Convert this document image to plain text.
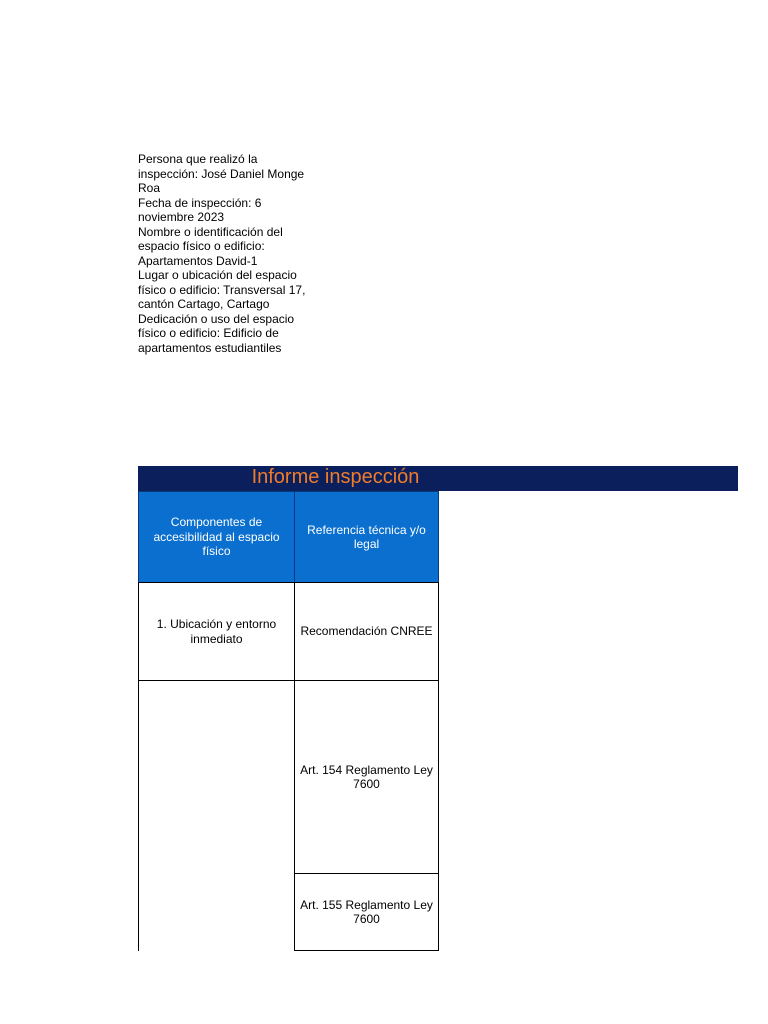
Persona que realizó la inspección: José Daniel Monge Roa
Fecha de inspección: 6 noviembre 2023
Nombre o identificación del espacio físico o edificio: Apartamentos David-1
Lugar o ubicación del espacio físico o edificio: Transversal 17, cantón Cartago, Cartago
Dedicación o uso del espacio físico o edificio: Edificio de apartamentos estudiantiles
Informe inspección
Componentes de accesibilidad al espacio físico
Referencia técnica y/o legal
1. Ubicación y entorno inmediato
Recomendación CNREE
Art. 154 Reglamento Ley 7600
Art. 155 Reglamento Ley 7600
